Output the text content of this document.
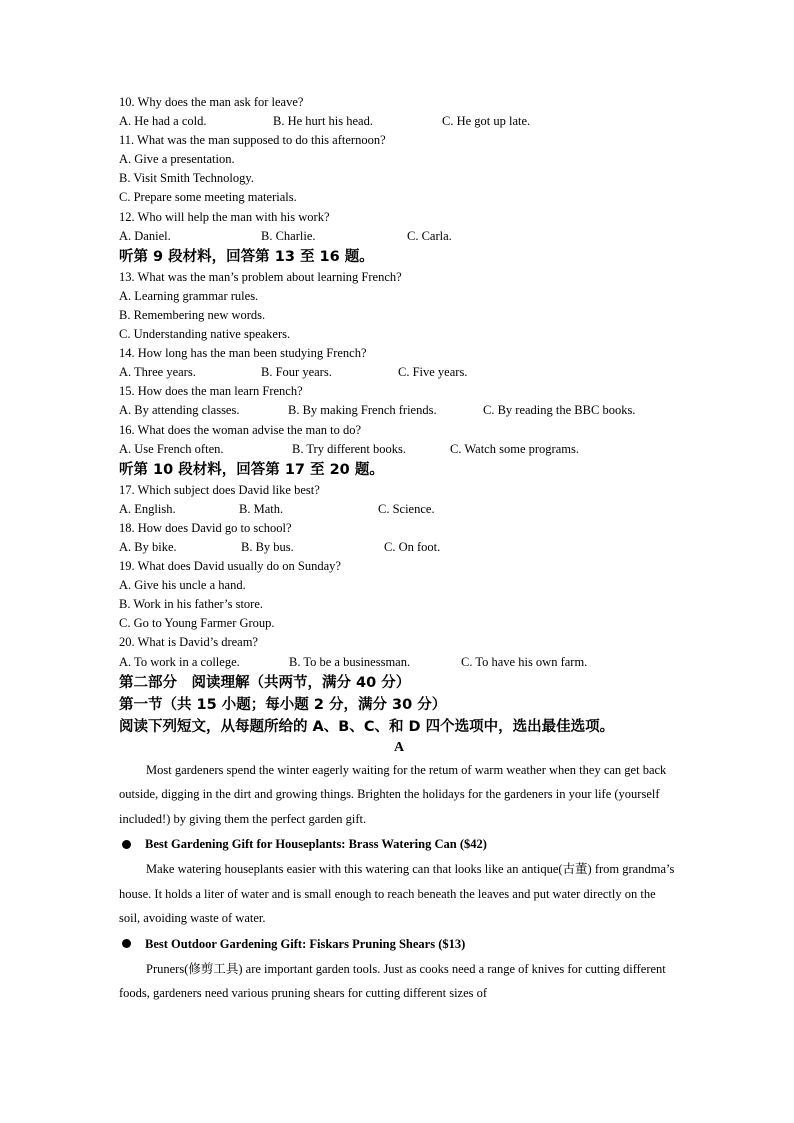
10. Why does the man ask for leave?
A. He had a cold.	B. He hurt his head.	C. He got up late.
11. What was the man supposed to do this afternoon?
A. Give a presentation.
B. Visit Smith Technology.
C. Prepare some meeting materials.
12. Who will help the man with his work?
A. Daniel.	B. Charlie.	C. Carla.
听第 9 段材料，回答第 13 至 16 题。
13. What was the man’s problem about learning French?
A. Learning grammar rules.
B. Remembering new words.
C. Understanding native speakers.
14. How long has the man been studying French?
A. Three years.	B. Four years.	C. Five years.
15. How does the man learn French?
A. By attending classes.	B. By making French friends.	C. By reading the BBC books.
16. What does the woman advise the man to do?
A. Use French often.	B. Try different books.	C. Watch some programs.
听第 10 段材料，回答第 17 至 20 题。
17. Which subject does David like best?
A. English.	B. Math.	C. Science.
18. How does David go to school?
A. By bike.	B. By bus.	C. On foot.
19. What does David usually do on Sunday?
A. Give his uncle a hand.
B. Work in his father’s store.
C. Go to Young Farmer Group.
20. What is David’s dream?
A. To work in a college.	B. To be a businessman.	C. To have his own farm.
第二部分　阅读理解（共两节，满分 40 分）
第一节（共 15 小题；每小题 2 分，满分 30 分）
阅读下列短文，从每题所给的 A、B、C、和 D 四个选项中，选出最佳选项。
A
Most gardeners spend the winter eagerly waiting for the retum of warm weather when they can get back outside, digging in the dirt and growing things. Brighten the holidays for the gardeners in your life (yourself included!) by giving them the perfect garden gift.
Best Gardening Gift for Houseplants: Brass Watering Can ($42)
Make watering houseplants easier with this watering can that looks like an antique(古董) from grandma’s house. It holds a liter of water and is small enough to reach beneath the leaves and put water directly on the soil, avoiding waste of water.
Best Outdoor Gardening Gift: Fiskars Pruning Shears ($13)
Pruners(修剪工具) are important garden tools. Just as cooks need a range of knives for cutting different foods, gardeners need various pruning shears for cutting different sizes of
